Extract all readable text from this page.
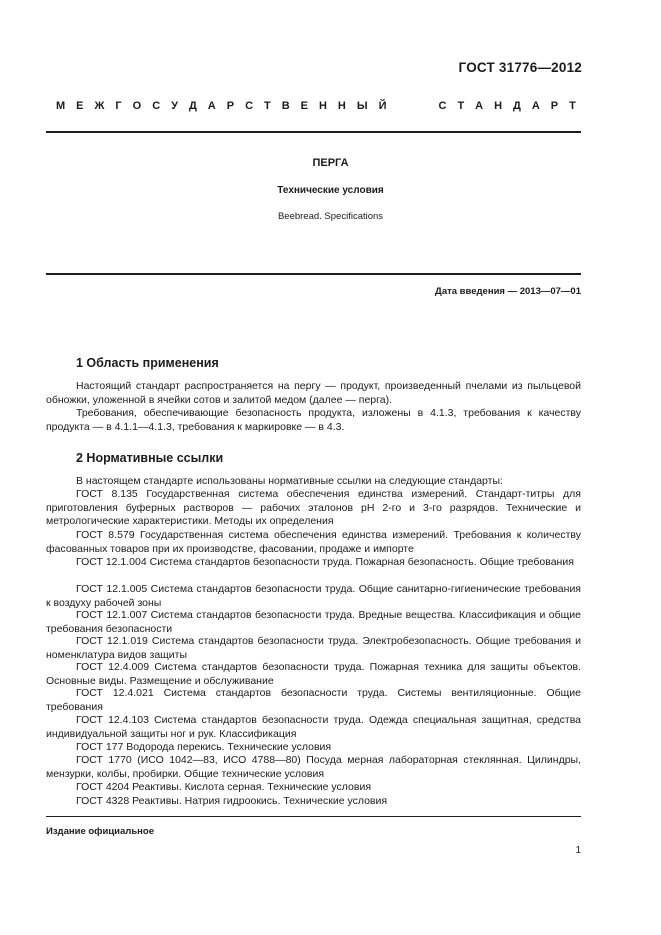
ГОСТ 31776—2012
М Е Ж Г О С У Д А Р С Т В Е Н Н Ы Й	С Т А Н Д А Р Т
ПЕРГА
Технические условия
Beebread. Specifications
Дата введения — 2013—07—01
1 Область применения

Настоящий стандарт распространяется на пергу — продукт, произведенный пчелами из пыльцевой обножки, уложенной в ячейки сотов и залитой медом (далее — перга).

Требования, обеспечивающие безопасность продукта, изложены в 4.1.3, требования к качеству продукта — в 4.1.1—4.1.3, требования к маркировке — в 4.3.

2 Нормативные ссылки

В настоящем стандарте использованы нормативные ссылки на следующие стандарты:

ГОСТ 8.135 Государственная система обеспечения единства измерений. Стандарт-титры для приготовления буферных растворов — рабочих эталонов pH 2-го и 3-го разрядов. Технические и метрологические характеристики. Методы их определения

ГОСТ 8.579 Государственная система обеспечения единства измерений. Требования к количеству фасованных товаров при их производстве, фасовании, продаже и импорте

ГОСТ 12.1.004 Система стандартов безопасности труда. Пожарная безопасность. Общие требования

ГОСТ 12.1.005 Система стандартов безопасности труда. Общие санитарно-гигиенические требования к воздуху рабочей зоны

ГОСТ 12.1.007 Система стандартов безопасности труда. Вредные вещества. Классификация и общие требования безопасности

ГОСТ 12.1.019 Система стандартов безопасности труда. Электробезопасность. Общие требования и номенклатура видов защиты

ГОСТ 12.4.009 Система стандартов безопасности труда. Пожарная техника для защиты объектов. Основные виды. Размещение и обслуживание

ГОСТ 12.4.021 Система стандартов безопасности труда. Системы вентиляционные. Общие требования

ГОСТ 12.4.103 Система стандартов безопасности труда. Одежда специальная защитная, средства индивидуальной защиты ног и рук. Классификация

ГОСТ 177 Водорода перекись. Технические условия

ГОСТ 1770 (ИСО 1042—83, ИСО 4788—80) Посуда мерная лабораторная стеклянная. Цилиндры, мензурки, колбы, пробирки. Общие технические условия

ГОСТ 4204 Реактивы. Кислота серная. Технические условия

ГОСТ 4328 Реактивы. Натрия гидроокись. Технические условия

Издание официальное
1
